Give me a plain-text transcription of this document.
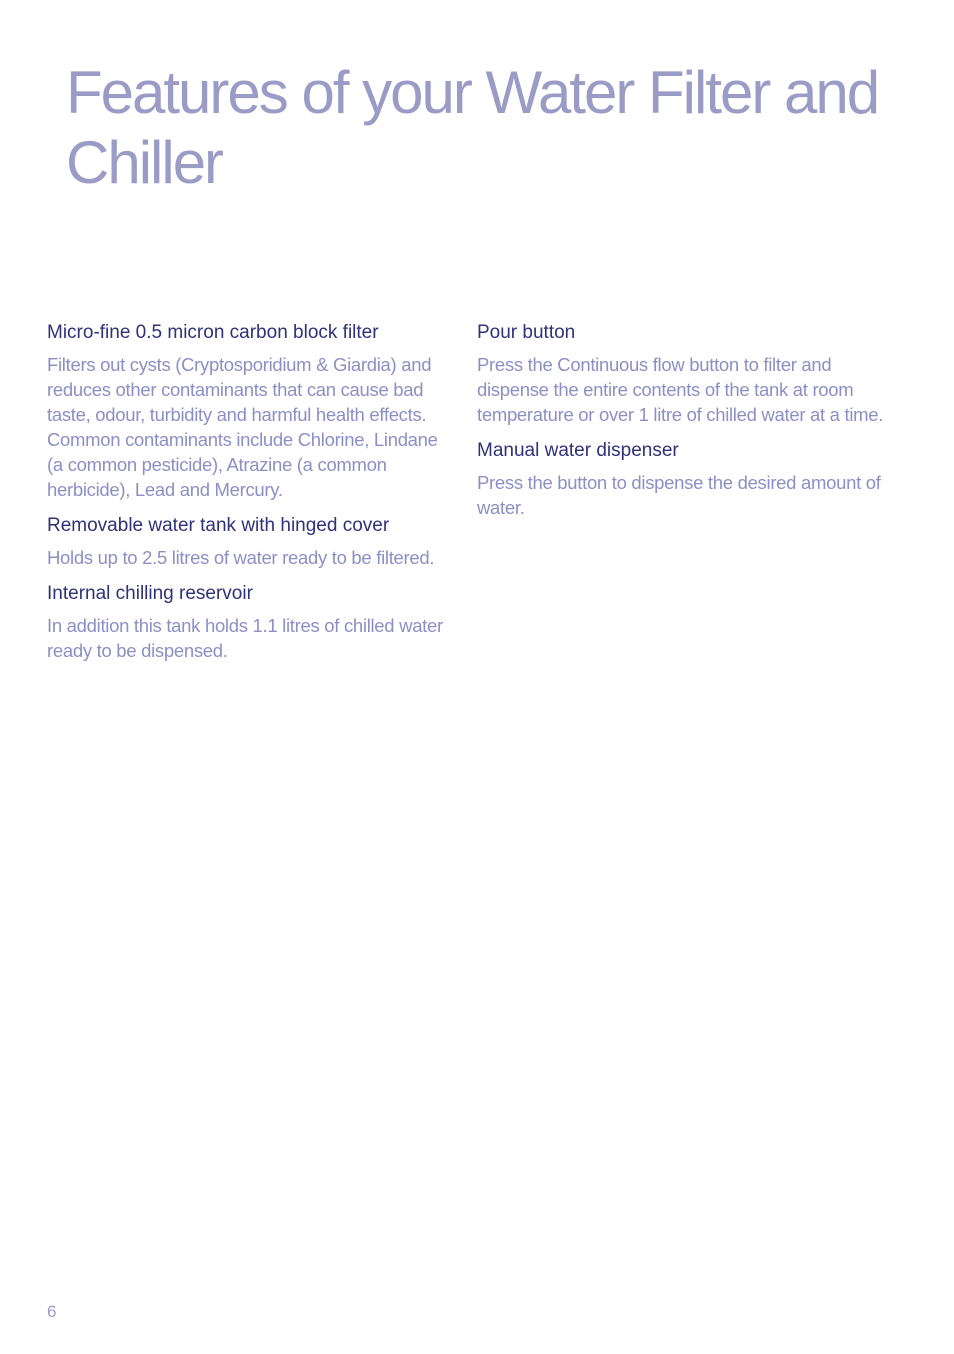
Features of your Water Filter and Chiller
Micro-fine 0.5 micron carbon block filter

Filters out cysts (Cryptosporidium & Giardia) and reduces other contaminants that can cause bad taste, odour, turbidity and harmful health effects. Common contaminants include Chlorine, Lindane (a common pesticide), Atrazine (a common herbicide), Lead and Mercury.

Removable water tank with hinged cover

Holds up to 2.5 litres of water ready to be filtered.

Internal chilling reservoir

In addition this tank holds 1.1 litres of chilled water ready to be dispensed.

Pour button

Press the Continuous flow button to filter and dispense the entire contents of the tank at room temperature or over 1 litre of chilled water at a time.

Manual water dispenser

Press the button to dispense the desired amount of water.

6
